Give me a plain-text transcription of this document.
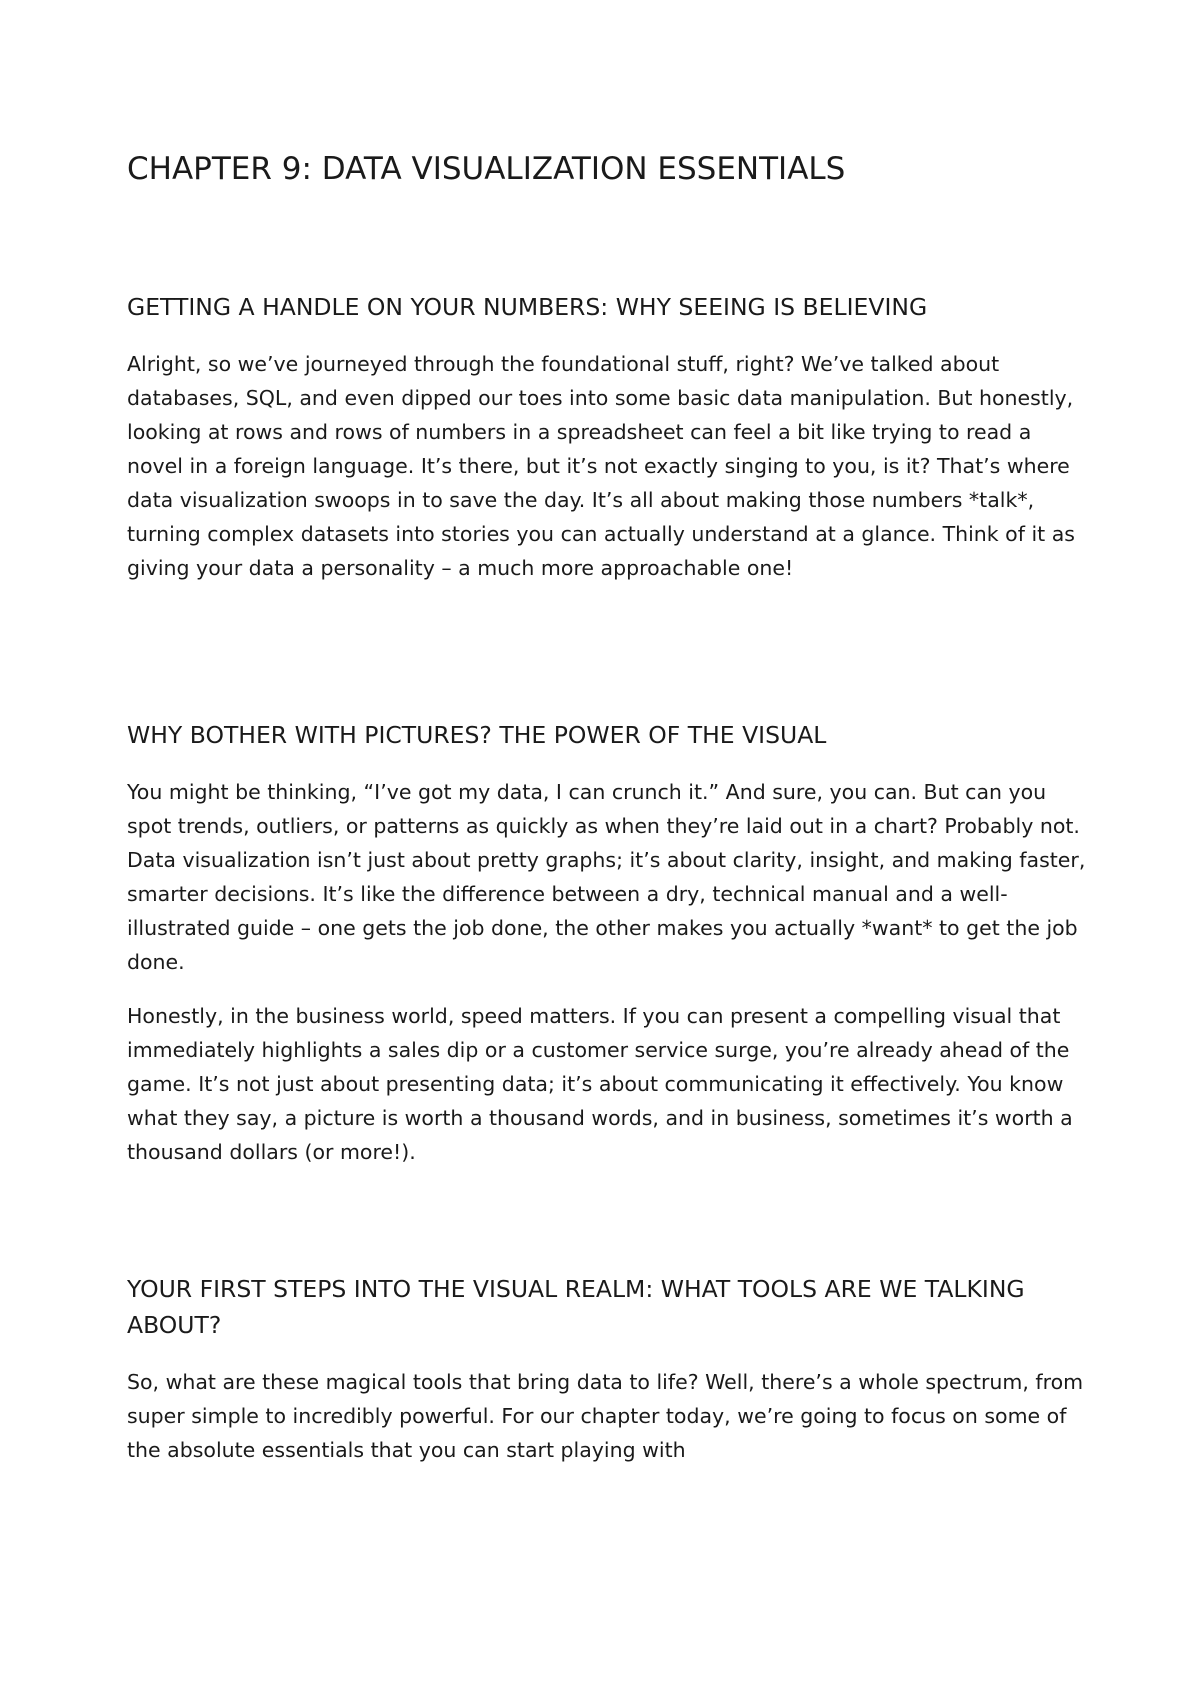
CHAPTER 9: DATA VISUALIZATION ESSENTIALS
GETTING A HANDLE ON YOUR NUMBERS: WHY SEEING IS BELIEVING

Alright, so we’ve journeyed through the foundational stuff, right? We’ve talked about databases, SQL, and even dipped our toes into some basic data manipulation. But honestly, looking at rows and rows of numbers in a spreadsheet can feel a bit like trying to read a novel in a foreign language. It’s there, but it’s not exactly singing to you, is it? That’s where data visualization swoops in to save the day. It’s all about making those numbers *talk*, turning complex datasets into stories you can actually understand at a glance. Think of it as giving your data a personality – a much more approachable one!

WHY BOTHER WITH PICTURES? THE POWER OF THE VISUAL

You might be thinking, “I’ve got my data, I can crunch it.” And sure, you can. But can you spot trends, outliers, or patterns as quickly as when they’re laid out in a chart? Probably not. Data visualization isn’t just about pretty graphs; it’s about clarity, insight, and making faster, smarter decisions. It’s like the difference between a dry, technical manual and a well-illustrated guide – one gets the job done, the other makes you actually *want* to get the job done.

Honestly, in the business world, speed matters. If you can present a compelling visual that immediately highlights a sales dip or a customer service surge, you’re already ahead of the game. It’s not just about presenting data; it’s about communicating it effectively. You know what they say, a picture is worth a thousand words, and in business, sometimes it’s worth a thousand dollars (or more!).

YOUR FIRST STEPS INTO THE VISUAL REALM: WHAT TOOLS ARE WE TALKING ABOUT?

So, what are these magical tools that bring data to life? Well, there’s a whole spectrum, from super simple to incredibly powerful. For our chapter today, we’re going to focus on some of the absolute essentials that you can start playing with
